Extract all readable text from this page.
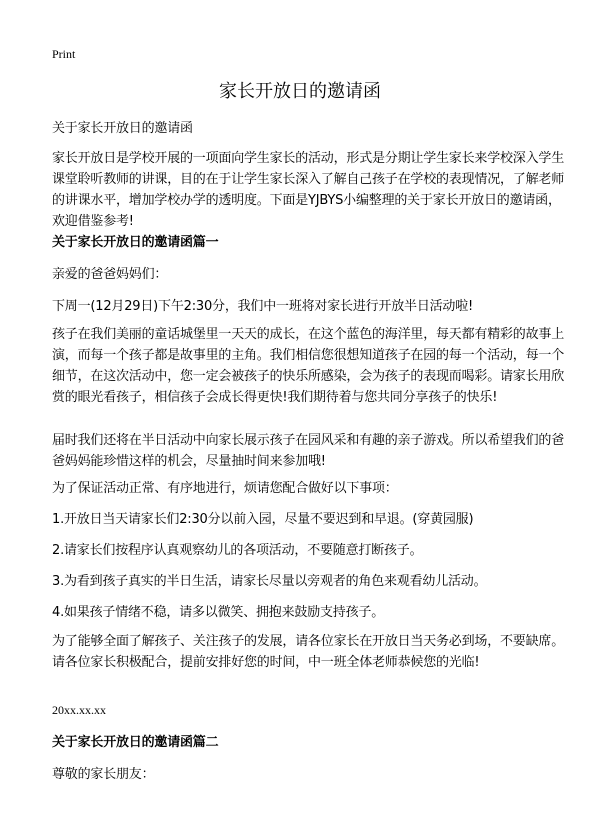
Print
家长开放日的邀请函
关于家长开放日的邀请函
家长开放日是学校开展的一项面向学生家长的活动，形式是分期让学生家长来学校深入学生课堂聆听教师的讲课，目的在于让学生家长深入了解自己孩子在学校的表现情况，了解老师的讲课水平，增加学校办学的透明度。下面是YJBYS小编整理的关于家长开放日的邀请函，欢迎借鉴参考!
关于家长开放日的邀请函篇一
亲爱的爸爸妈妈们：
下周一(12月29日)下午2:30分，我们中一班将对家长进行开放半日活动啦!
孩子在我们美丽的童话城堡里一天天的成长，在这个蓝色的海洋里，每天都有精彩的故事上演，而每一个孩子都是故事里的主角。我们相信您很想知道孩子在园的每一个活动，每一个细节，在这次活动中，您一定会被孩子的快乐所感染，会为孩子的表现而喝彩。请家长用欣赏的眼光看孩子，相信孩子会成长得更快!我们期待着与您共同分享孩子的快乐!
届时我们还将在半日活动中向家长展示孩子在园风采和有趣的亲子游戏。所以希望我们的爸爸妈妈能珍惜这样的机会，尽量抽时间来参加哦!
为了保证活动正常、有序地进行，烦请您配合做好以下事项：
1.开放日当天请家长们2:30分以前入园，尽量不要迟到和早退。(穿黄园服)
2.请家长们按程序认真观察幼儿的各项活动，不要随意打断孩子。
3.为看到孩子真实的半日生活，请家长尽量以旁观者的角色来观看幼儿活动。
4.如果孩子情绪不稳，请多以微笑、拥抱来鼓励支持孩子。
为了能够全面了解孩子、关注孩子的发展，请各位家长在开放日当天务必到场，不要缺席。请各位家长积极配合，提前安排好您的时间，中一班全体老师恭候您的光临!
20xx.xx.xx
关于家长开放日的邀请函篇二
尊敬的家长朋友：
